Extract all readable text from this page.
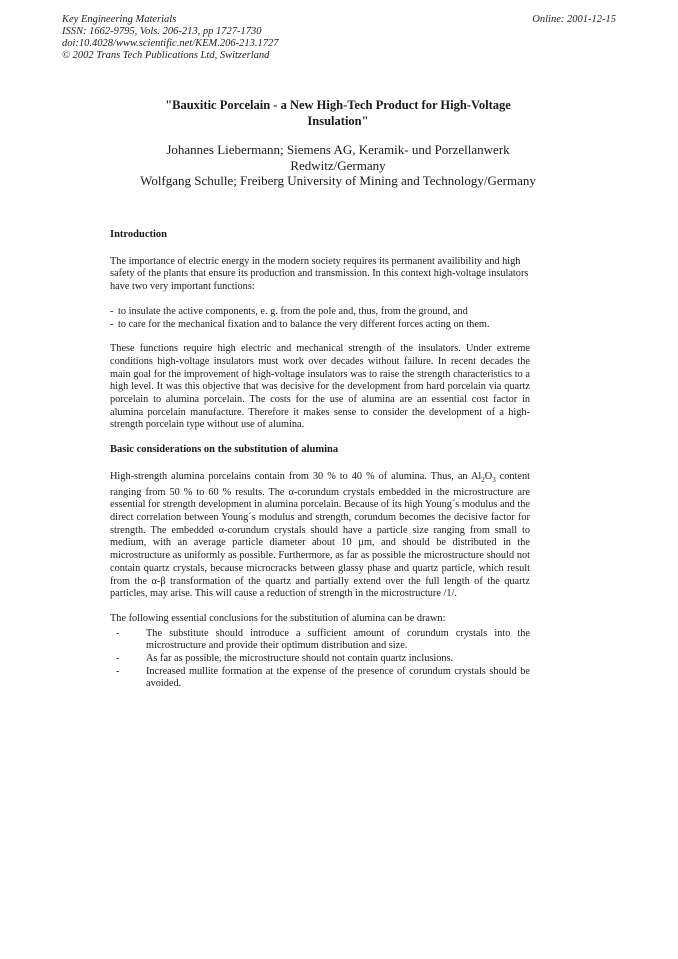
Key Engineering Materials
ISSN: 1662-9795, Vols. 206-213, pp 1727-1730
doi:10.4028/www.scientific.net/KEM.206-213.1727
© 2002 Trans Tech Publications Ltd, Switzerland
Online: 2001-12-15
"Bauxitic Porcelain - a New High-Tech Product for High-Voltage
Insulation"
Johannes Liebermann; Siemens AG, Keramik- und Porzellanwerk
Redwitz/Germany
Wolfgang Schulle; Freiberg University of Mining and Technology/Germany
Introduction
The importance of electric energy in the modern society requires its permanent availibility and high safety of the plants that ensure its production and transmission. In this context high-voltage insulators have two very important functions:
- to insulate the active components, e. g. from the pole and, thus, from the ground, and
- to care for the mechanical fixation and to balance the very different forces acting on them.
These functions require high electric and mechanical strength of the insulators. Under extreme conditions high-voltage insulators must work over decades without failure. In recent decades the main goal for the improvement of high-voltage insulators was to raise the strength characteristics to a high level. It was this objective that was decisive for the development from hard porcelain via quartz porcelain to alumina porcelain. The costs for the use of alumina are an essential cost factor in alumina porcelain manufacture. Therefore it makes sense to consider the development of a high-strength porcelain type without use of alumina.
Basic considerations on the substitution of alumina
High-strength alumina porcelains contain from 30 % to 40 % of alumina. Thus, an $Al_2O_3$ content ranging from 50 % to 60 % results. The α-corundum crystals embedded in the microstructure are essential for strength development in alumina porcelain. Because of its high Young´s modulus and the direct correlation between Young´s modulus and strength, corundum becomes the decisive factor for strength. The embedded α-corundum crystals should have a particle size ranging from small to medium, with an average particle diameter about 10 µm, and should be distributed in the microstructure as uniformly as possible. Furthermore, as far as possible the microstructure should not contain quartz crystals, because microcracks between glassy phase and quartz particle, which result from the α-β transformation of the quartz and partially extend over the full length of the quartz particles, may arise. This will cause a reduction of strength in the microstructure /1/.
The following essential conclusions for the substitution of alumina can be drawn:
-	The substitute should introduce a sufficient amount of corundum crystals into the microstructure and provide their optimum distribution and size.
-	As far as possible, the microstructure should not contain quartz inclusions.
-	Increased mullite formation at the expense of the presence of corundum crystals should be avoided.
